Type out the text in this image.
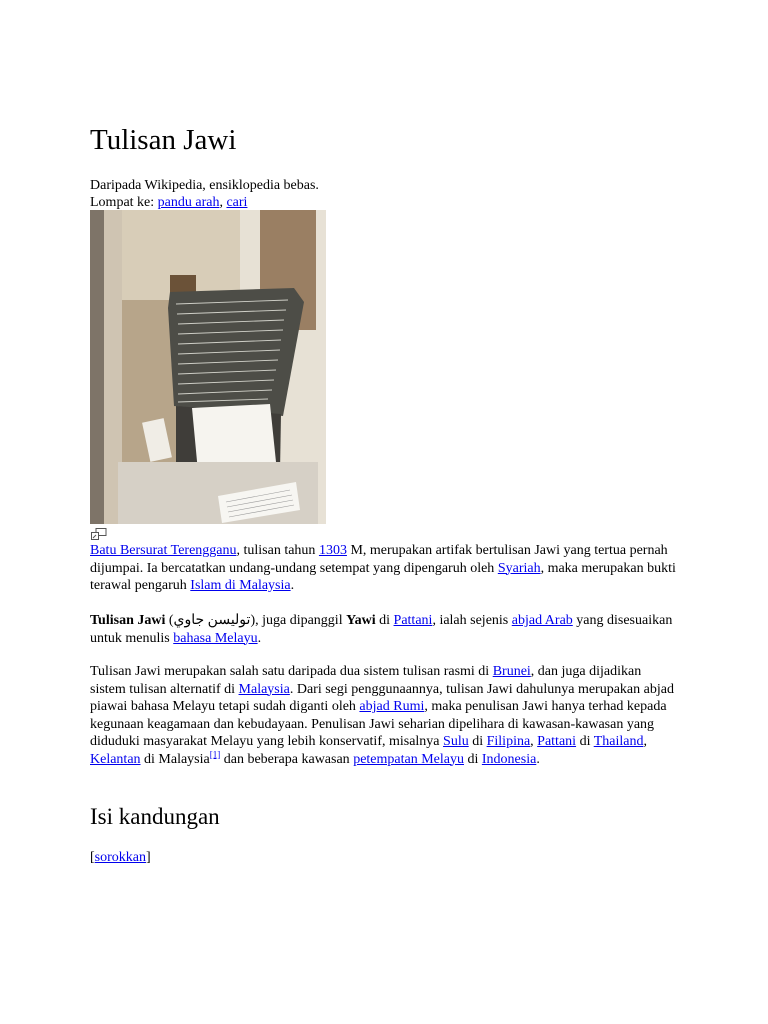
Tulisan Jawi
Daripada Wikipedia, ensiklopedia bebas.
Lompat ke: pandu arah, cari

Batu Bersurat Terengganu, tulisan tahun 1303 M, merupakan artifak bertulisan Jawi yang tertua pernah dijumpai. Ia bercatatkan undang-undang setempat yang dipengaruh oleh Syariah, maka merupakan bukti terawal pengaruh Islam di Malaysia.

Tulisan Jawi (توليسن جاوي), juga dipanggil Yawi di Pattani, ialah sejenis abjad Arab yang disesuaikan untuk menulis bahasa Melayu.

Tulisan Jawi merupakan salah satu daripada dua sistem tulisan rasmi di Brunei, dan juga dijadikan sistem tulisan alternatif di Malaysia. Dari segi penggunaannya, tulisan Jawi dahulunya merupakan abjad piawai bahasa Melayu tetapi sudah diganti oleh abjad Rumi, maka penulisan Jawi hanya terhad kepada kegunaan keagamaan dan kebudayaan. Penulisan Jawi seharian dipelihara di kawasan-kawasan yang diduduki masyarakat Melayu yang lebih konservatif, misalnya Sulu di Filipina, Pattani di Thailand, Kelantan di Malaysia[1] dan beberapa kawasan petempatan Melayu di Indonesia.

Isi kandungan
[sorokkan]
